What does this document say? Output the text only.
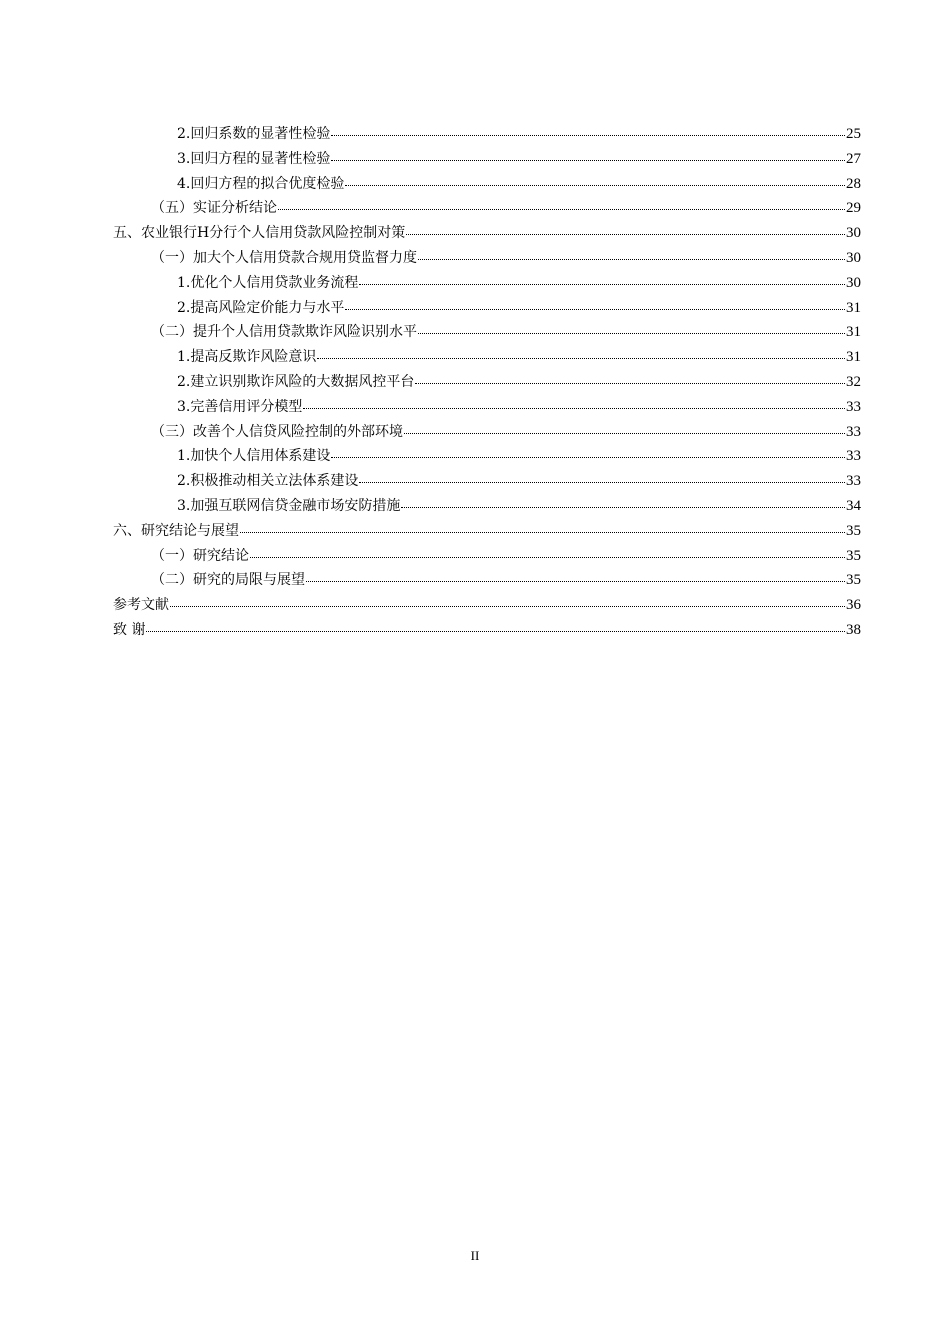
2.回归系数的显著性检验	25
3.回归方程的显著性检验	27
4.回归方程的拟合优度检验	28
（五）实证分析结论	29
五、农业银行H分行个人信用贷款风险控制对策	30
（一）加大个人信用贷款合规用贷监督力度	30
1.优化个人信用贷款业务流程	30
2.提高风险定价能力与水平	31
（二）提升个人信用贷款欺诈风险识别水平	31
1.提高反欺诈风险意识	31
2.建立识别欺诈风险的大数据风控平台	32
3.完善信用评分模型	33
（三）改善个人信贷风险控制的外部环境	33
1.加快个人信用体系建设	33
2.积极推动相关立法体系建设	33
3.加强互联网信贷金融市场安防措施	34
六、研究结论与展望	35
（一）研究结论	35
（二）研究的局限与展望	35
参考文献	36
致 谢	38
II
